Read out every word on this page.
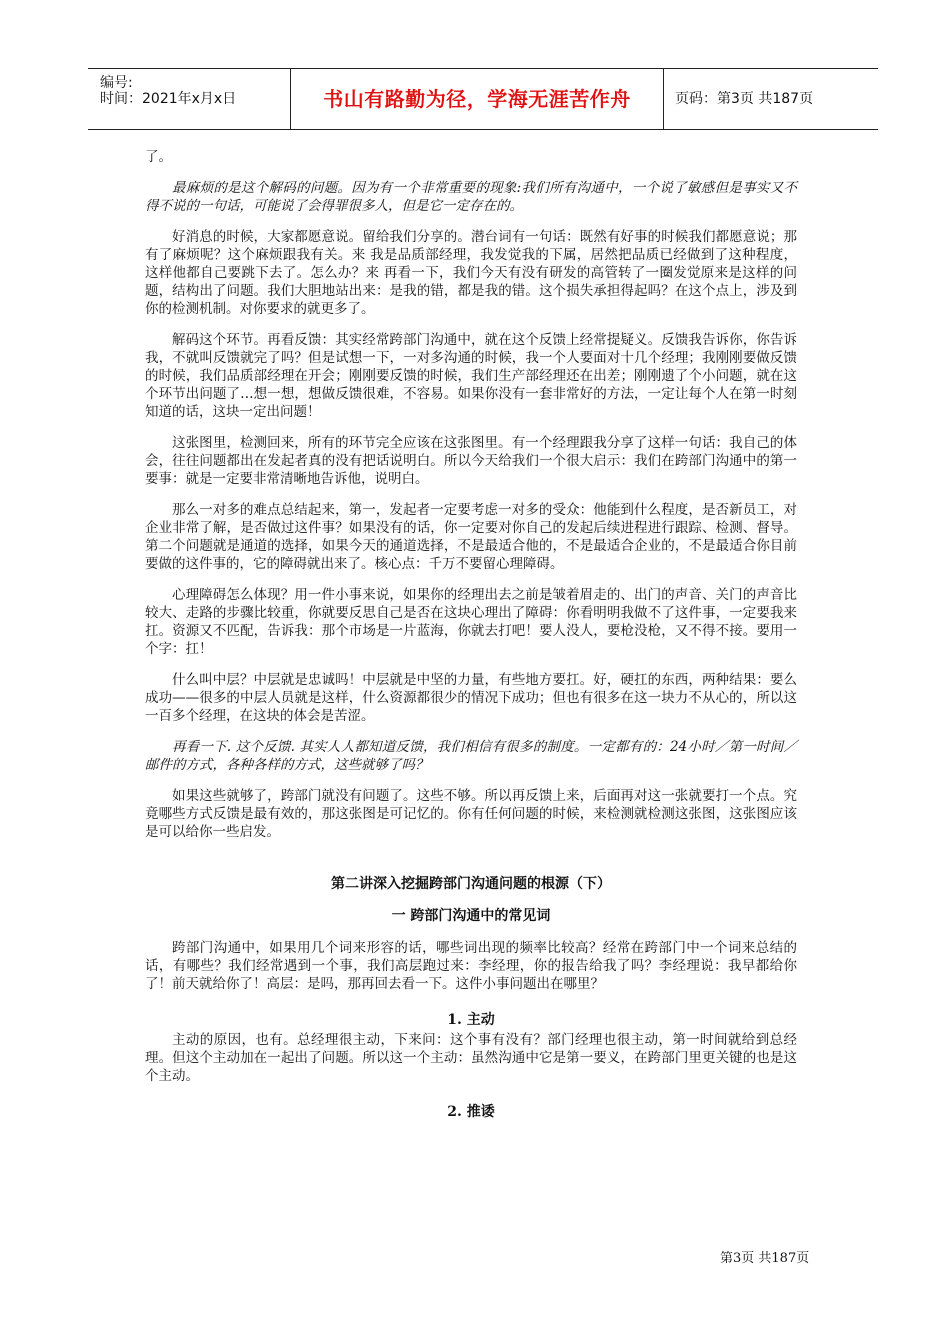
编号:
时间：2021年x月x日	书山有路勤为径，学海无涯苦作舟	页码：第3页 共187页

了。

最麻烦的是这个解码的问题。因为有一个非常重要的现象:我们所有沟通中，一个说了敏感但是事实又不得不说的一句话，可能说了会得罪很多人，但是它一定存在的。

好消息的时候，大家都愿意说。留给我们分享的。潜台词有一句话：既然有好事的时候我们都愿意说；那有了麻烦呢？这个麻烦跟我有关。来 我是品质部经理，我发觉我的下属，居然把品质已经做到了这种程度，这样他都自己要跳下去了。怎么办？来 再看一下，我们今天有没有研发的高管转了一圈发觉原来是这样的问题，结构出了问题。我们大胆地站出来：是我的错，都是我的错。这个损失承担得起吗？在这个点上，涉及到你的检测机制。对你要求的就更多了。

解码这个环节。再看反馈：其实经常跨部门沟通中，就在这个反馈上经常提疑义。反馈我告诉你，你告诉我，不就叫反馈就完了吗？但是试想一下，一对多沟通的时候，我一个人要面对十几个经理；我刚刚要做反馈的时候，我们品质部经理在开会；刚刚要反馈的时候，我们生产部经理还在出差；刚刚遗了个小问题，就在这个环节出问题了…想一想，想做反馈很难，不容易。如果你没有一套非常好的方法，一定让每个人在第一时刻知道的话，这块一定出问题！

这张图里，检测回来，所有的环节完全应该在这张图里。有一个经理跟我分享了这样一句话：我自己的体会，往往问题都出在发起者真的没有把话说明白。所以今天给我们一个很大启示：我们在跨部门沟通中的第一要事：就是一定要非常清晰地告诉他，说明白。

那么一对多的难点总结起来，第一，发起者一定要考虑一对多的受众：他能到什么程度，是否新员工，对企业非常了解，是否做过这件事？如果没有的话，你一定要对你自己的发起后续进程进行跟踪、检测、督导。第二个问题就是通道的选择，如果今天的通道选择，不是最适合他的，不是最适合企业的，不是最适合你目前要做的这件事的，它的障碍就出来了。核心点：千万不要留心理障碍。

心理障碍怎么体现？用一件小事来说，如果你的经理出去之前是皱着眉走的、出门的声音、关门的声音比较大、走路的步骤比较重，你就要反思自己是否在这块心理出了障碍：你看明明我做不了这件事，一定要我来扛。资源又不匹配，告诉我：那个市场是一片蓝海，你就去打吧！要人没人，要枪没枪，又不得不接。要用一个字：扛！

什么叫中层？中层就是忠诚吗！中层就是中坚的力量，有些地方要扛。好，硬扛的东西，两种结果：要么成功——很多的中层人员就是这样，什么资源都很少的情况下成功；但也有很多在这一块力不从心的，所以这一百多个经理，在这块的体会是苦涩。

再看一下. 这个反馈. 其实人人都知道反馈，我们相信有很多的制度。一定都有的：24小时／第一时间／邮件的方式，各种各样的方式，这些就够了吗？

如果这些就够了，跨部门就没有问题了。这些不够。所以再反馈上来，后面再对这一张就要打一个点。究竟哪些方式反馈是最有效的，那这张图是可记忆的。你有任何问题的时候，来检测就检测这张图，这张图应该是可以给你一些启发。

第二讲深入挖掘跨部门沟通问题的根源（下）
一 跨部门沟通中的常见词

跨部门沟通中，如果用几个词来形容的话，哪些词出现的频率比较高？经常在跨部门中一个词来总结的话，有哪些？我们经常遇到一个事，我们高层跑过来：李经理，你的报告给我了吗？李经理说：我早都给你了！前天就给你了！高层：是吗，那再回去看一下。这件小事问题出在哪里？

1. 主动

主动的原因，也有。总经理很主动，下来问：这个事有没有？部门经理也很主动，第一时间就给到总经理。但这个主动加在一起出了问题。所以这一个主动：虽然沟通中它是第一要义，在跨部门里更关键的也是这个主动。

2. 推诿
第3页 共187页
